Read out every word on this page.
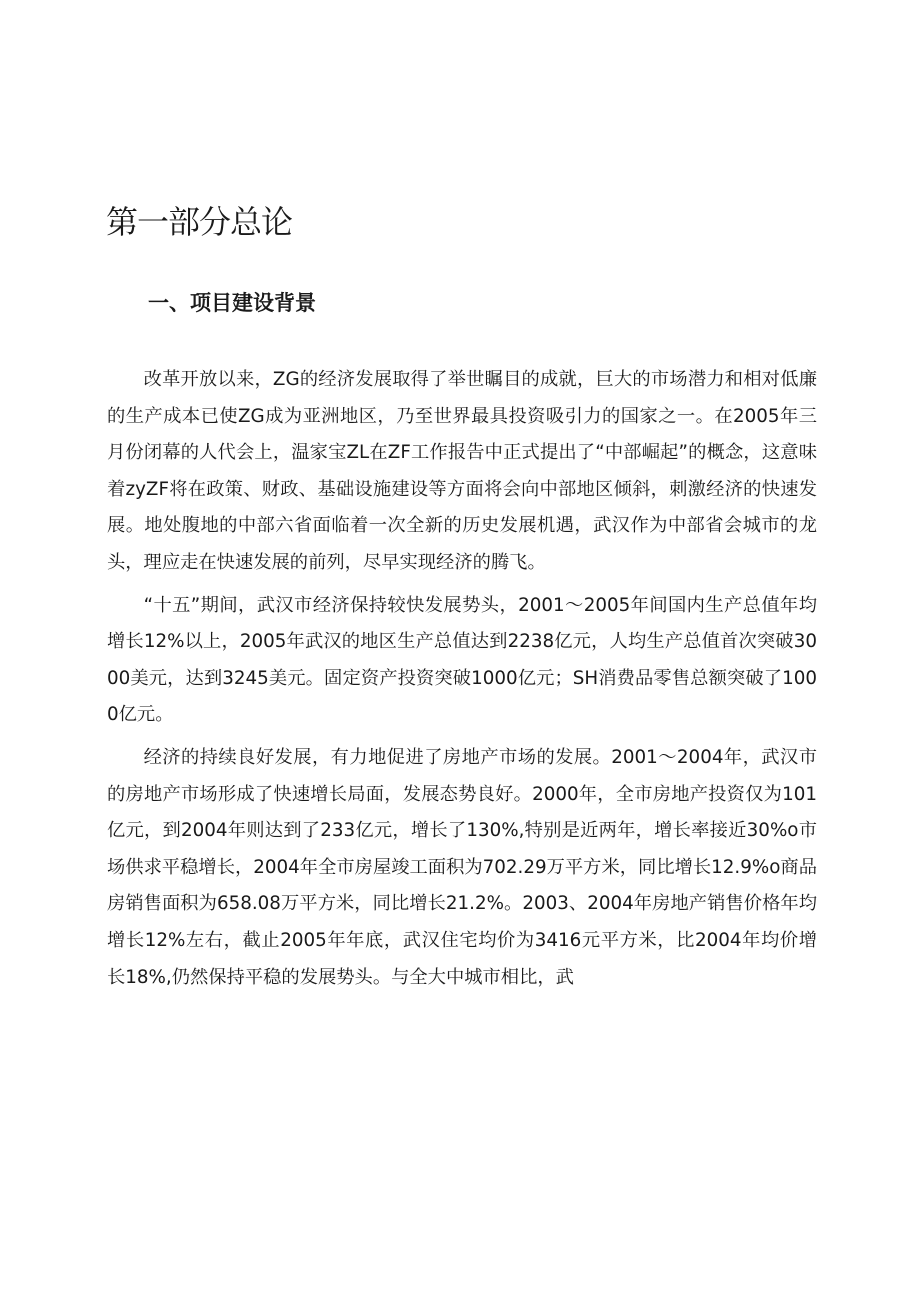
第一部分总论
一、项目建设背景

改革开放以来，ZG的经济发展取得了举世瞩目的成就，巨大的市场潜力和相对低廉的生产成本已使ZG成为亚洲地区，乃至世界最具投资吸引力的国家之一。在2005年三月份闭幕的人代会上，温家宝ZL在ZF工作报告中正式提出了“中部崛起”的概念，这意味着zyZF将在政策、财政、基础设施建设等方面将会向中部地区倾斜，刺激经济的快速发展。地处腹地的中部六省面临着一次全新的历史发展机遇，武汉作为中部省会城市的龙头，理应走在快速发展的前列，尽早实现经济的腾飞。

“十五”期间，武汉市经济保持较快发展势头，2001〜2005年间国内生产总值年均增长12%以上，2005年武汉的地区生产总值达到2238亿元，人均生产总值首次突破3000美元，达到3245美元。固定资产投资突破1000亿元；SH消费品零售总额突破了1000亿元。

经济的持续良好发展，有力地促进了房地产市场的发展。2001〜2004年，武汉市的房地产市场形成了快速增长局面，发展态势良好。2000年，全市房地产投资仅为101亿元，到2004年则达到了233亿元，增长了130%,特别是近两年，增长率接近30%o市场供求平稳增长，2004年全市房屋竣工面积为702.29万平方米，同比增长12.9%o商品房销售面积为658.08万平方米，同比增长21.2%。2003、2004年房地产销售价格年均增长12%左右，截止2005年年底，武汉住宅均价为3416元平方米，比2004年均价增长18%,仍然保持平稳的发展势头。与全大中城市相比，武
